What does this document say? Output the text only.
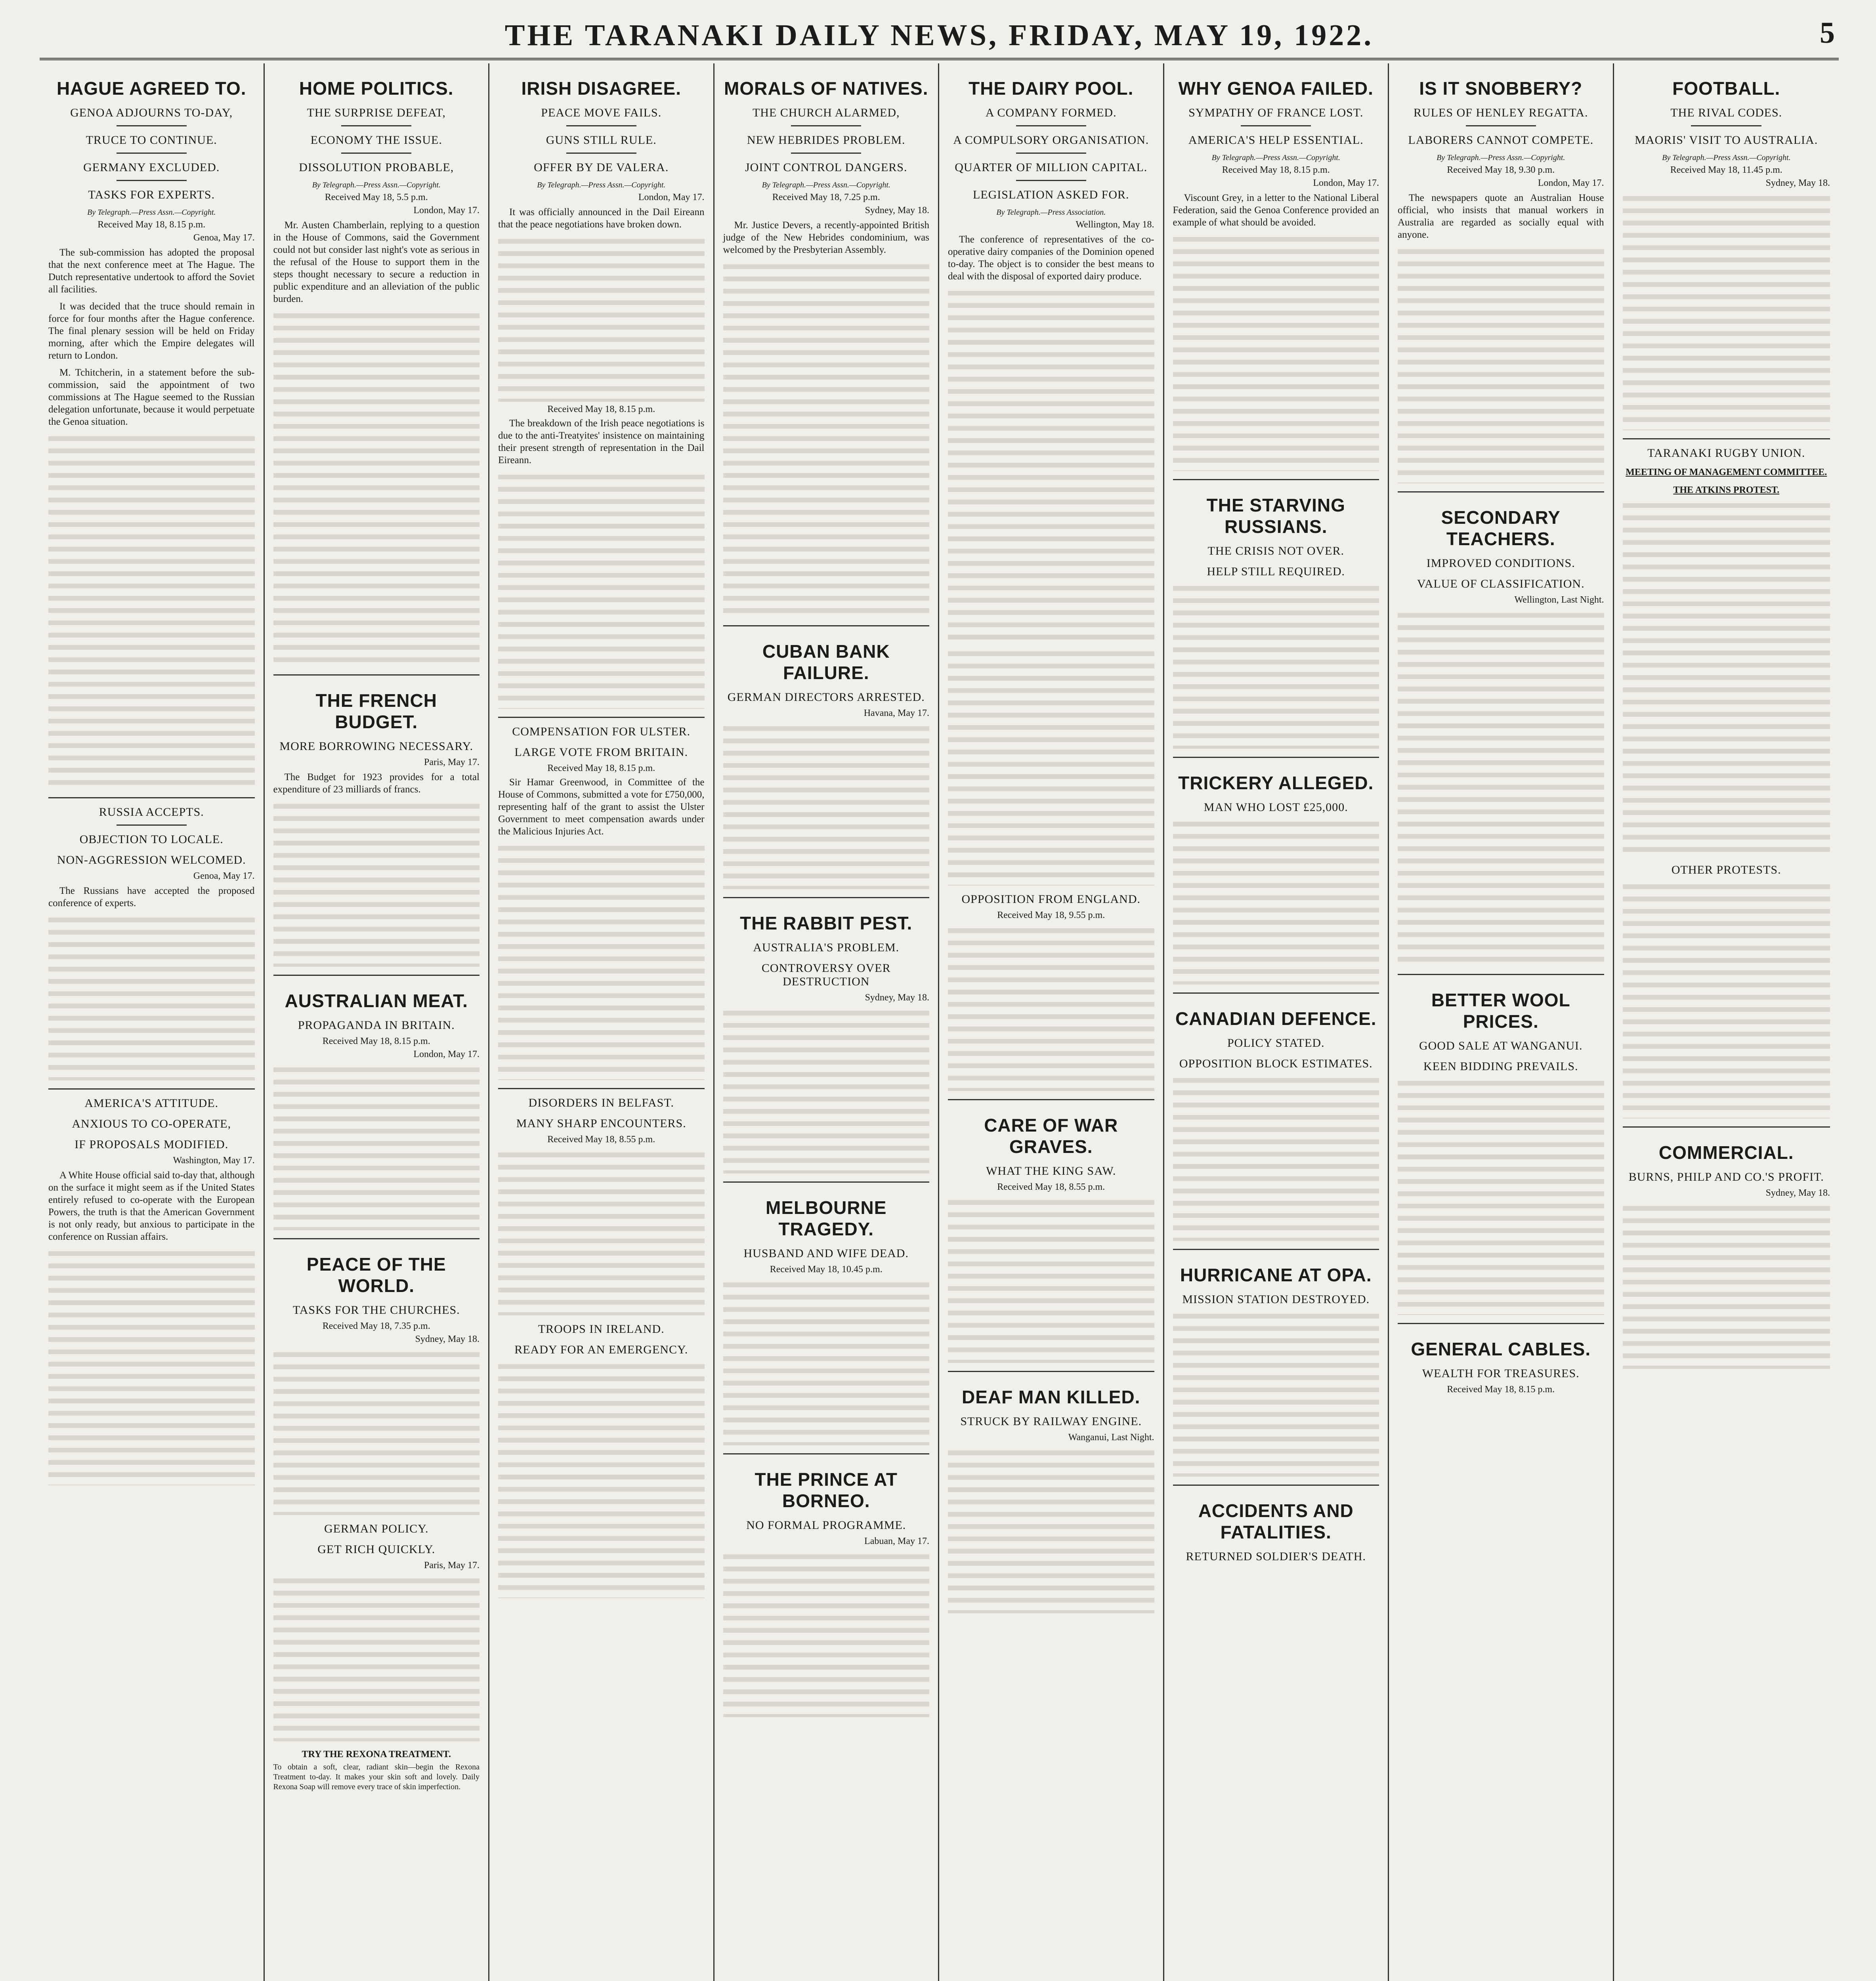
THE TARANAKI DAILY NEWS, FRIDAY, MAY 19, 1922.	5
HAGUE AGREED TO.
GENOA ADJOURNS TO-DAY,
TRUCE TO CONTINUE.
GERMANY EXCLUDED.
TASKS FOR EXPERTS.
By Telegraph.—Press Assn.—Copyright.
Received May 18, 8.15 p.m.
Genoa, May 17.

The sub-commission has adopted the proposal that the next conference meet at The Hague. The Dutch representative undertook to afford the Soviet all facilities.

It was decided that the truce should remain in force for four months after the Hague conference. The final plenary session will be held on Friday morning, after which the Empire delegates will return to London.

M. Tchitcherin, in a statement before the sub-commission, said the appointment of two commissions at The Hague seemed to the Russian delegation unfortunate, because it would perpetuate the Genoa situation.

RUSSIA ACCEPTS.
OBJECTION TO LOCALE.
NON-AGGRESSION WELCOMED.
Genoa, May 17.

The Russians have accepted the proposed conference of experts.

AMERICA'S ATTITUDE.
ANXIOUS TO CO-OPERATE,
IF PROPOSALS MODIFIED.
Washington, May 17.

A White House official said to-day that, although on the surface it might seem as if the United States entirely refused to co-operate with the European Powers, the truth is that the American Government is not only ready, but anxious to participate in the conference on Russian affairs.

HOME POLITICS.
THE SURPRISE DEFEAT,
ECONOMY THE ISSUE.
DISSOLUTION PROBABLE,
By Telegraph.—Press Assn.—Copyright.
Received May 18, 5.5 p.m.
London, May 17.

Mr. Austen Chamberlain, replying to a question in the House of Commons, said the Government could not but consider last night's vote as serious in the refusal of the House to support them in the steps thought necessary to secure a reduction in public expenditure and an alleviation of the public burden.

THE FRENCH BUDGET.
MORE BORROWING NECESSARY.
Paris, May 17.

The Budget for 1923 provides for a total expenditure of 23 milliards of francs.

AUSTRALIAN MEAT.
PROPAGANDA IN BRITAIN.
Received May 18, 8.15 p.m.
London, May 17.
PEACE OF THE WORLD.
TASKS FOR THE CHURCHES.
Received May 18, 7.35 p.m.
Sydney, May 18.
GERMAN POLICY.
GET RICH QUICKLY.
Paris, May 17.
TRY THE REXONA TREATMENT.

To obtain a soft, clear, radiant skin—begin the Rexona Treatment to-day. It makes your skin soft and lovely. Daily Rexona Soap will remove every trace of skin imperfection.

IRISH DISAGREE.
PEACE MOVE FAILS.
GUNS STILL RULE.
OFFER BY DE VALERA.
By Telegraph.—Press Assn.—Copyright.
London, May 17.

It was officially announced in the Dail Eireann that the peace negotiations have broken down.

Received May 18, 8.15 p.m.

The breakdown of the Irish peace negotiations is due to the anti-Treatyites' insistence on maintaining their present strength of representation in the Dail Eireann.

COMPENSATION FOR ULSTER.
LARGE VOTE FROM BRITAIN.
Received May 18, 8.15 p.m.

Sir Hamar Greenwood, in Committee of the House of Commons, submitted a vote for £750,000, representing half of the grant to assist the Ulster Government to meet compensation awards under the Malicious Injuries Act.

DISORDERS IN BELFAST.
MANY SHARP ENCOUNTERS.
Received May 18, 8.55 p.m.
TROOPS IN IRELAND.
READY FOR AN EMERGENCY.
MORALS OF NATIVES.
THE CHURCH ALARMED,
NEW HEBRIDES PROBLEM.
JOINT CONTROL DANGERS.
By Telegraph.—Press Assn.—Copyright.
Received May 18, 7.25 p.m.
Sydney, May 18.

Mr. Justice Devers, a recently-appointed British judge of the New Hebrides condominium, was welcomed by the Presbyterian Assembly.

CUBAN BANK FAILURE.
GERMAN DIRECTORS ARRESTED.
Havana, May 17.
THE RABBIT PEST.
AUSTRALIA'S PROBLEM.
CONTROVERSY OVER DESTRUCTION
Sydney, May 18.
MELBOURNE TRAGEDY.
HUSBAND AND WIFE DEAD.
Received May 18, 10.45 p.m.
THE PRINCE AT BORNEO.
NO FORMAL PROGRAMME.
Labuan, May 17.
THE DAIRY POOL.
A COMPANY FORMED.
A COMPULSORY ORGANISATION.
QUARTER OF MILLION CAPITAL.
LEGISLATION ASKED FOR.
By Telegraph.—Press Association.
Wellington, May 18.

The conference of representatives of the co-operative dairy companies of the Dominion opened to-day. The object is to consider the best means to deal with the disposal of exported dairy produce.

OPPOSITION FROM ENGLAND.
Received May 18, 9.55 p.m.
CARE OF WAR GRAVES.
WHAT THE KING SAW.
Received May 18, 8.55 p.m.
DEAF MAN KILLED.
STRUCK BY RAILWAY ENGINE.
Wanganui, Last Night.
WHY GENOA FAILED.
SYMPATHY OF FRANCE LOST.
AMERICA'S HELP ESSENTIAL.
By Telegraph.—Press Assn.—Copyright.
Received May 18, 8.15 p.m.
London, May 17.

Viscount Grey, in a letter to the National Liberal Federation, said the Genoa Conference provided an example of what should be avoided.

THE STARVING RUSSIANS.
THE CRISIS NOT OVER.
HELP STILL REQUIRED.
TRICKERY ALLEGED.
MAN WHO LOST £25,000.
CANADIAN DEFENCE.
POLICY STATED.
OPPOSITION BLOCK ESTIMATES.
HURRICANE AT OPA.
MISSION STATION DESTROYED.
ACCIDENTS AND FATALITIES.
RETURNED SOLDIER'S DEATH.
IS IT SNOBBERY?
RULES OF HENLEY REGATTA.
LABORERS CANNOT COMPETE.
By Telegraph.—Press Assn.—Copyright.
Received May 18, 9.30 p.m.
London, May 17.

The newspapers quote an Australian House official, who insists that manual workers in Australia are regarded as socially equal with anyone.

SECONDARY TEACHERS.
IMPROVED CONDITIONS.
VALUE OF CLASSIFICATION.
Wellington, Last Night.
BETTER WOOL PRICES.
GOOD SALE AT WANGANUI.
KEEN BIDDING PREVAILS.
GENERAL CABLES.
WEALTH FOR TREASURES.
Received May 18, 8.15 p.m.
FOOTBALL.
THE RIVAL CODES.
MAORIS' VISIT TO AUSTRALIA.
By Telegraph.—Press Assn.—Copyright.
Received May 18, 11.45 p.m.
Sydney, May 18.
TARANAKI RUGBY UNION.
MEETING OF MANAGEMENT COMMITTEE.
THE ATKINS PROTEST.
OTHER PROTESTS.
COMMERCIAL.
BURNS, PHILP AND CO.'S PROFIT.
Sydney, May 18.
